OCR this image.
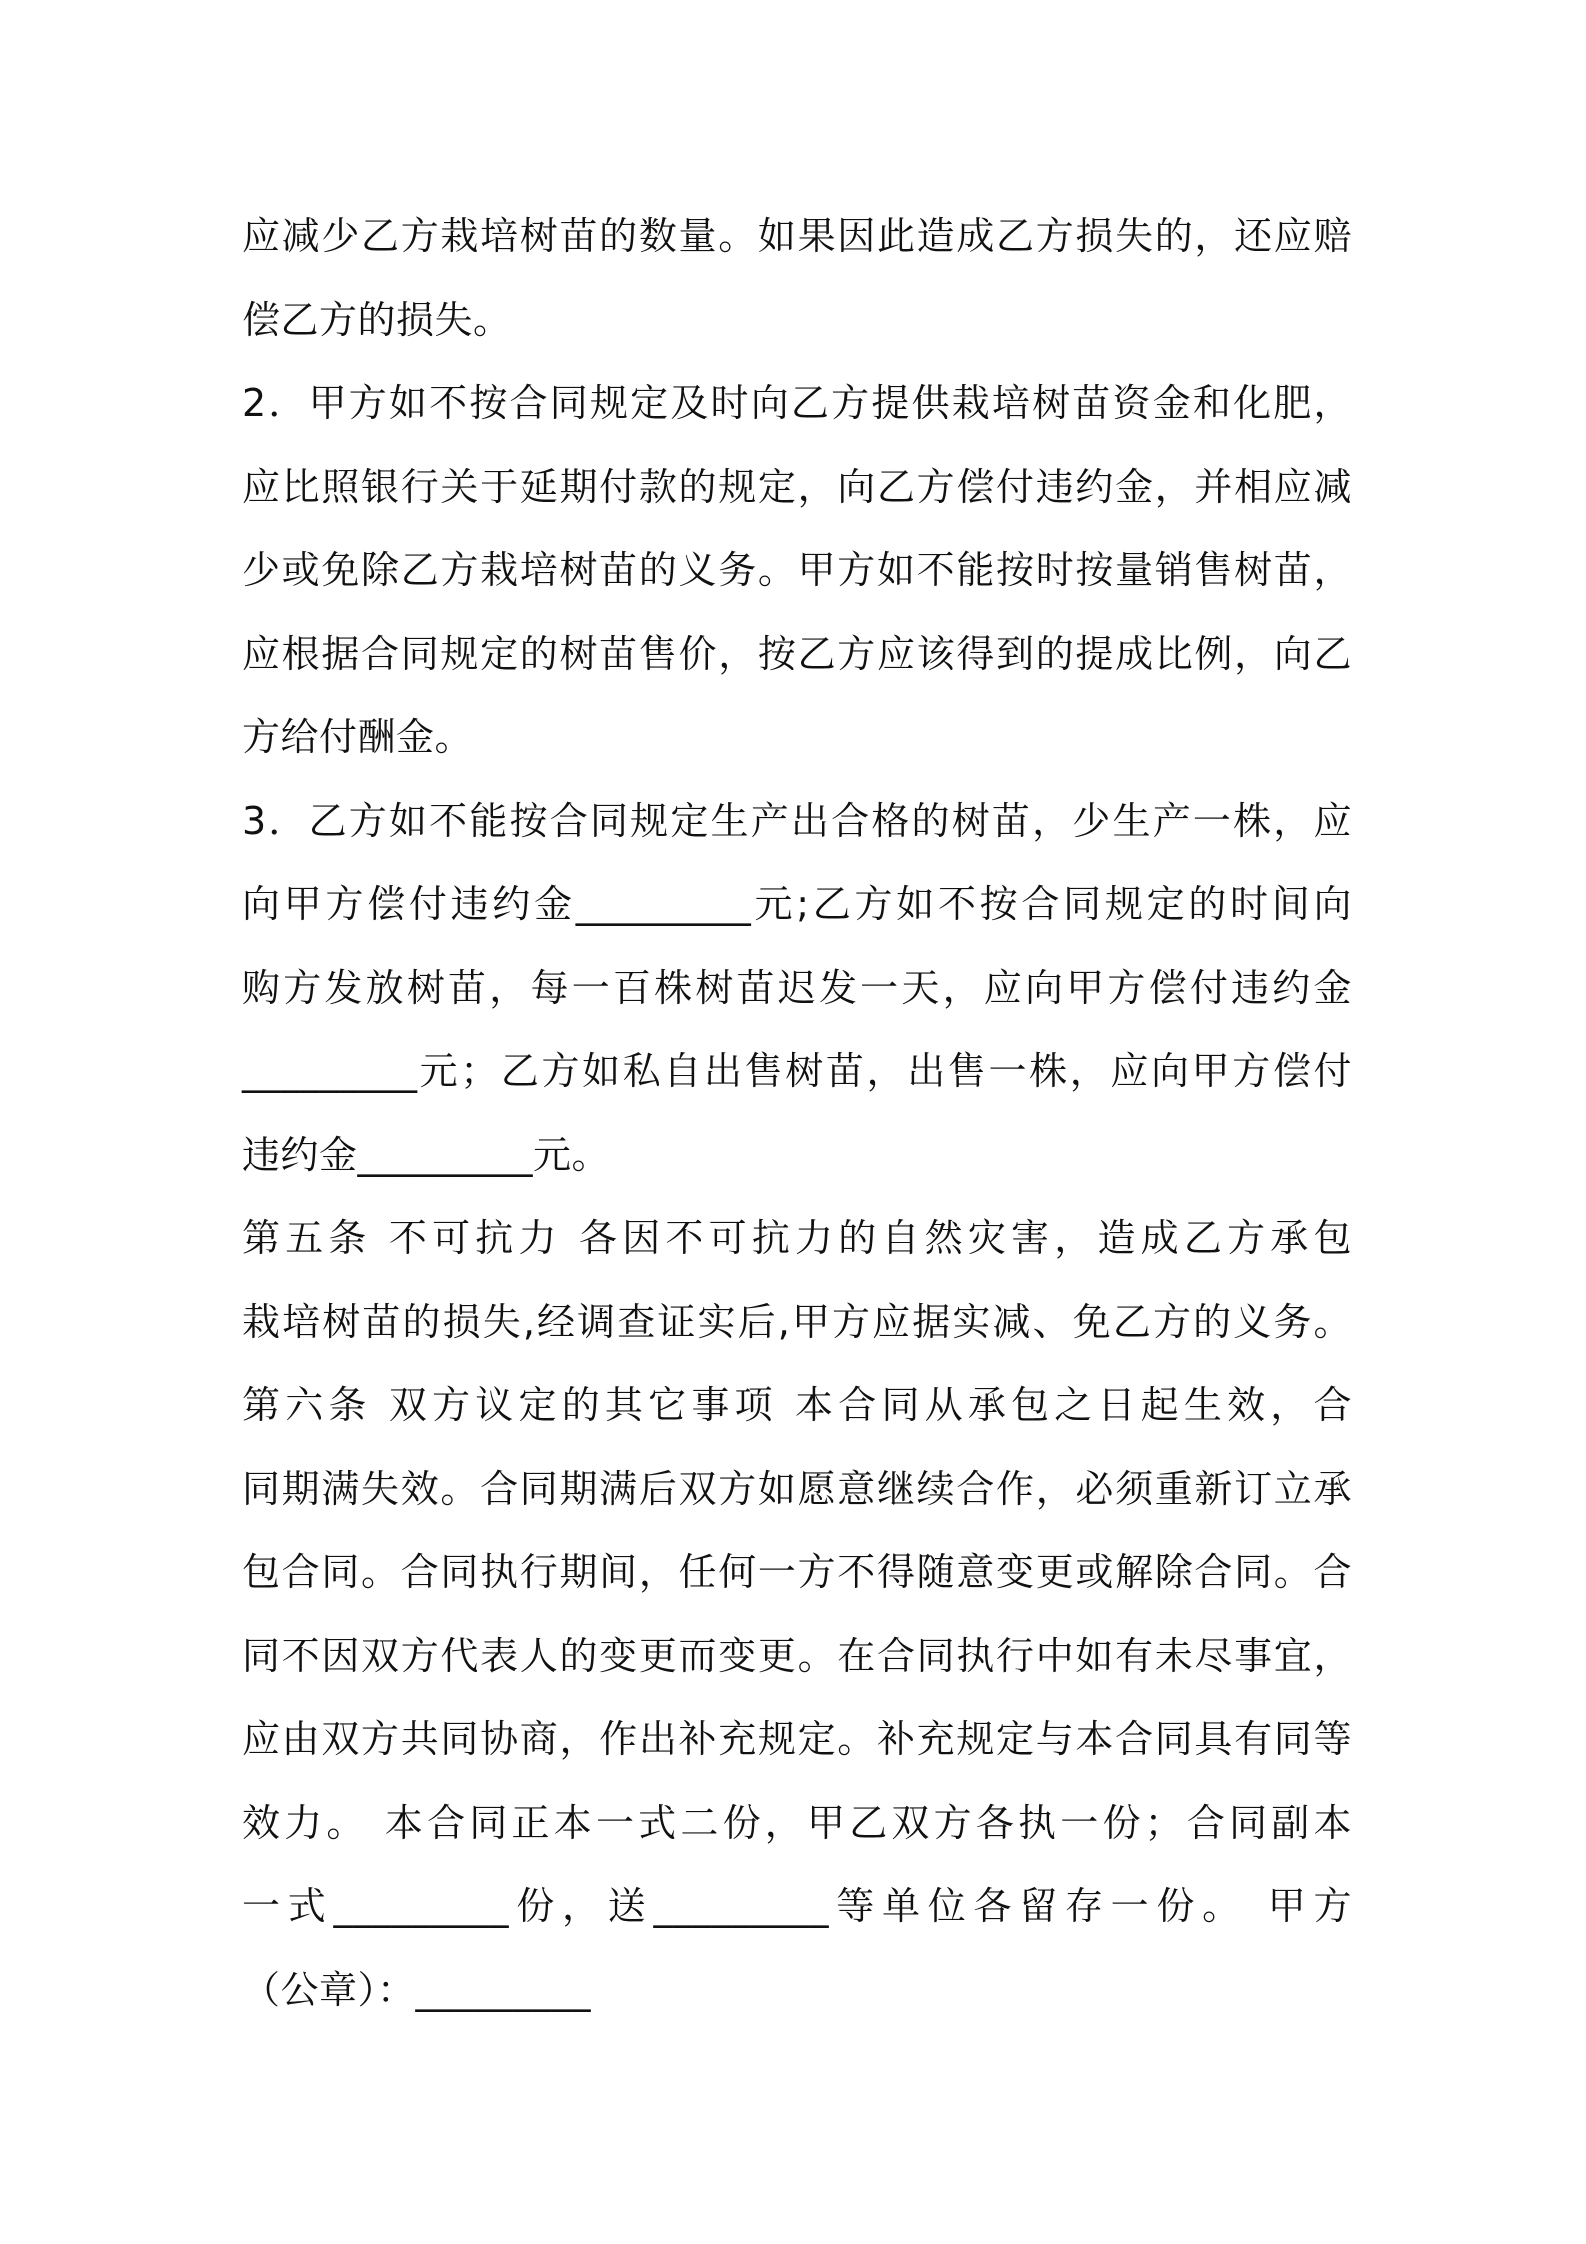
应减少乙方栽培树苗的数量。如果因此造成乙方损失的，还应赔
偿乙方的损失。
2．甲方如不按合同规定及时向乙方提供栽培树苗资金和化肥，
应比照银行关于延期付款的规定，向乙方偿付违约金，并相应减
少或免除乙方栽培树苗的义务。甲方如不能按时按量销售树苗，
应根据合同规定的树苗售价，按乙方应该得到的提成比例，向乙
方给付酬金。
3．乙方如不能按合同规定生产出合格的树苗，少生产一株，应
向甲方偿付违约金_________元;乙方如不按合同规定的时间向
购方发放树苗，每一百株树苗迟发一天，应向甲方偿付违约金
_________元；乙方如私自出售树苗，出售一株，应向甲方偿付
违约金_________元。
第五条 不可抗力 各因不可抗力的自然灾害，造成乙方承包
栽培树苗的损失,经调查证实后,甲方应据实减、免乙方的义务。
第六条 双方议定的其它事项 本合同从承包之日起生效，合
同期满失效。合同期满后双方如愿意继续合作，必须重新订立承
包合同。合同执行期间，任何一方不得随意变更或解除合同。合
同不因双方代表人的变更而变更。在合同执行中如有未尽事宜，
应由双方共同协商，作出补充规定。补充规定与本合同具有同等
效力。 本合同正本一式二份，甲乙双方各执一份；合同副本
一式_________份，送_________等单位各留存一份。 甲方
（公章）：_________
